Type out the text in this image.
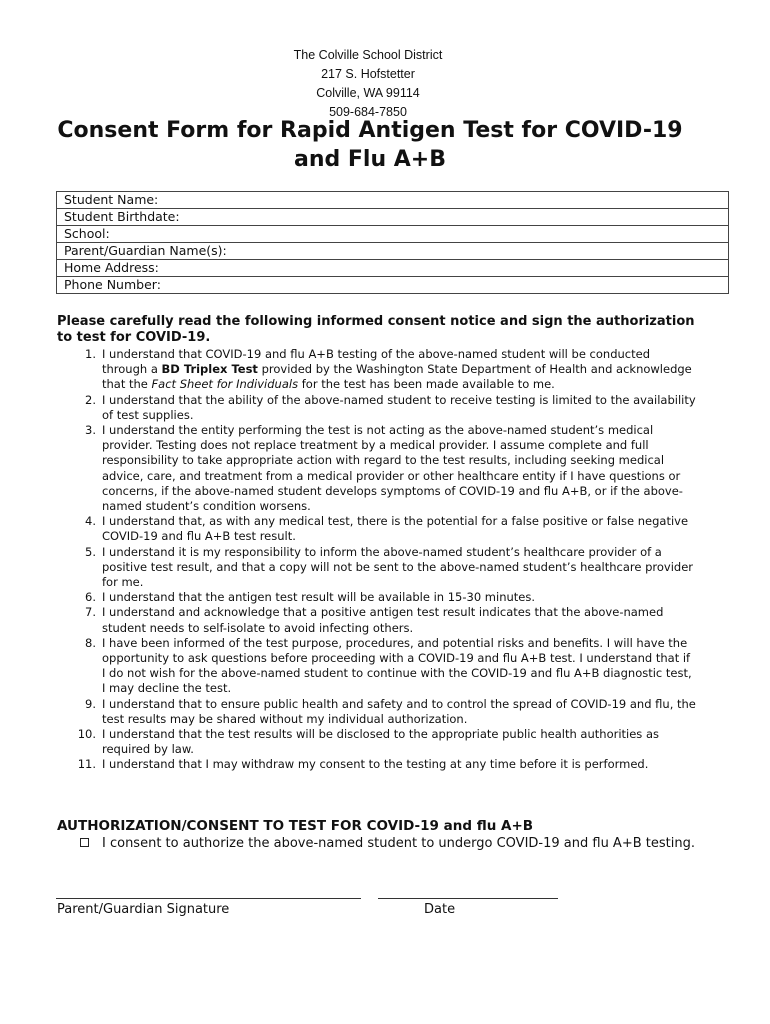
The Colville School District
217 S. Hofstetter
Colville, WA 99114
509-684-7850
Consent Form for Rapid Antigen Test for COVID-19 and Flu A+B
Student Name:
Student Birthdate:
School:
Parent/Guardian Name(s):
Home Address:
Phone Number:

Please carefully read the following informed consent notice and sign the authorization to test for COVID-19.

1. I understand that COVID-19 and flu A+B testing of the above-named student will be conducted through a BD Triplex Test provided by the Washington State Department of Health and acknowledge that the Fact Sheet for Individuals for the test has been made available to me.
2. I understand that the ability of the above-named student to receive testing is limited to the availability of test supplies.
3. I understand the entity performing the test is not acting as the above-named student’s medical provider. Testing does not replace treatment by a medical provider. I assume complete and full responsibility to take appropriate action with regard to the test results, including seeking medical advice, care, and treatment from a medical provider or other healthcare entity if I have questions or concerns, if the above-named student develops symptoms of COVID-19 and flu A+B, or if the above-named student’s condition worsens.
4. I understand that, as with any medical test, there is the potential for a false positive or false negative COVID-19 and flu A+B test result.
5. I understand it is my responsibility to inform the above-named student’s healthcare provider of a positive test result, and that a copy will not be sent to the above-named student’s healthcare provider for me.
6. I understand that the antigen test result will be available in 15-30 minutes.
7. I understand and acknowledge that a positive antigen test result indicates that the above-named student needs to self-isolate to avoid infecting others.
8. I have been informed of the test purpose, procedures, and potential risks and benefits. I will have the opportunity to ask questions before proceeding with a COVID-19 and flu A+B test. I understand that if I do not wish for the above-named student to continue with the COVID-19 and flu A+B diagnostic test, I may decline the test.
9. I understand that to ensure public health and safety and to control the spread of COVID-19 and flu, the test results may be shared without my individual authorization.
10. I understand that the test results will be disclosed to the appropriate public health authorities as required by law.
11. I understand that I may withdraw my consent to the testing at any time before it is performed.
AUTHORIZATION/CONSENT TO TEST FOR COVID-19 and flu A+B
I consent to authorize the above-named student to undergo COVID-19 and flu A+B testing.
Parent/Guardian Signature	Date
